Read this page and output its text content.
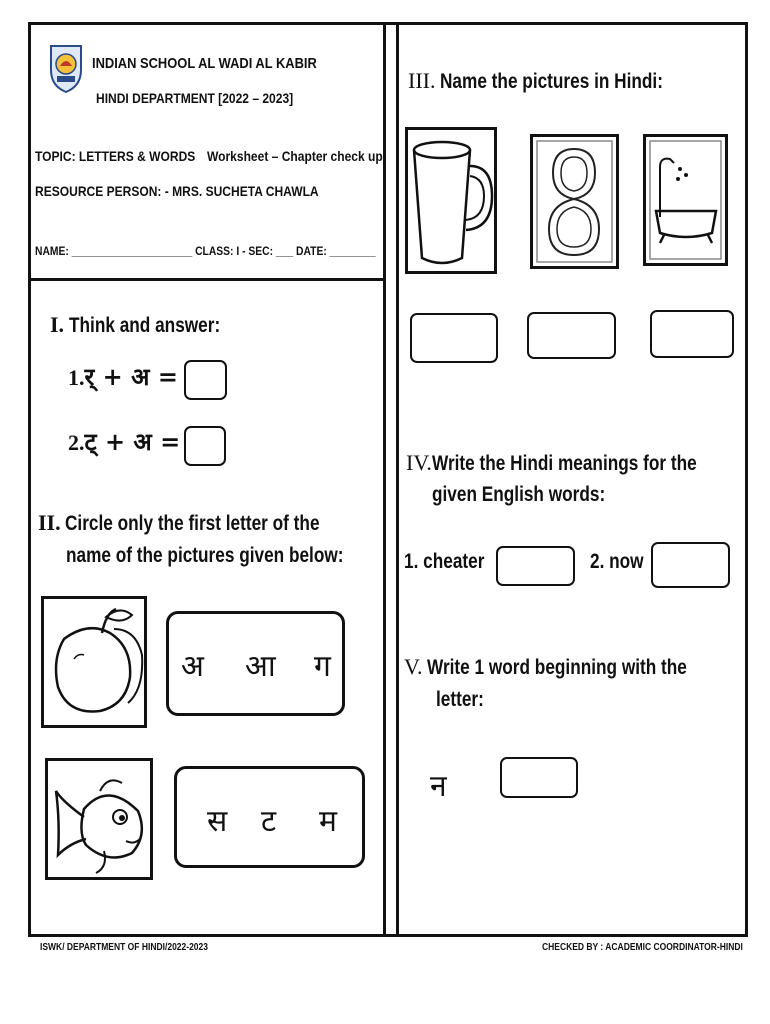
INDIAN SCHOOL AL WADI AL KABIR
HINDI DEPARTMENT [2022 – 2023]
TOPIC: LETTERS & WORDS Worksheet – Chapter check up
RESOURCE PERSON: - MRS. SUCHETA CHAWLA
NAME: _____________________ CLASS: I - SEC: ___ DATE: ________
I. Think and answer:
1.र् + अ =
2.ट् + अ =
II. Circle only the first letter of the
name of the pictures given below:
अ आ ग
स ट म
III. Name the pictures in Hindi:
IV.Write the Hindi meanings for the
given English words:
1. cheater	2. now
V. Write 1 word beginning with the
letter:
न
ISWK/ DEPARTMENT OF HINDI/2022-2023	CHECKED BY : ACADEMIC COORDINATOR-HINDI
